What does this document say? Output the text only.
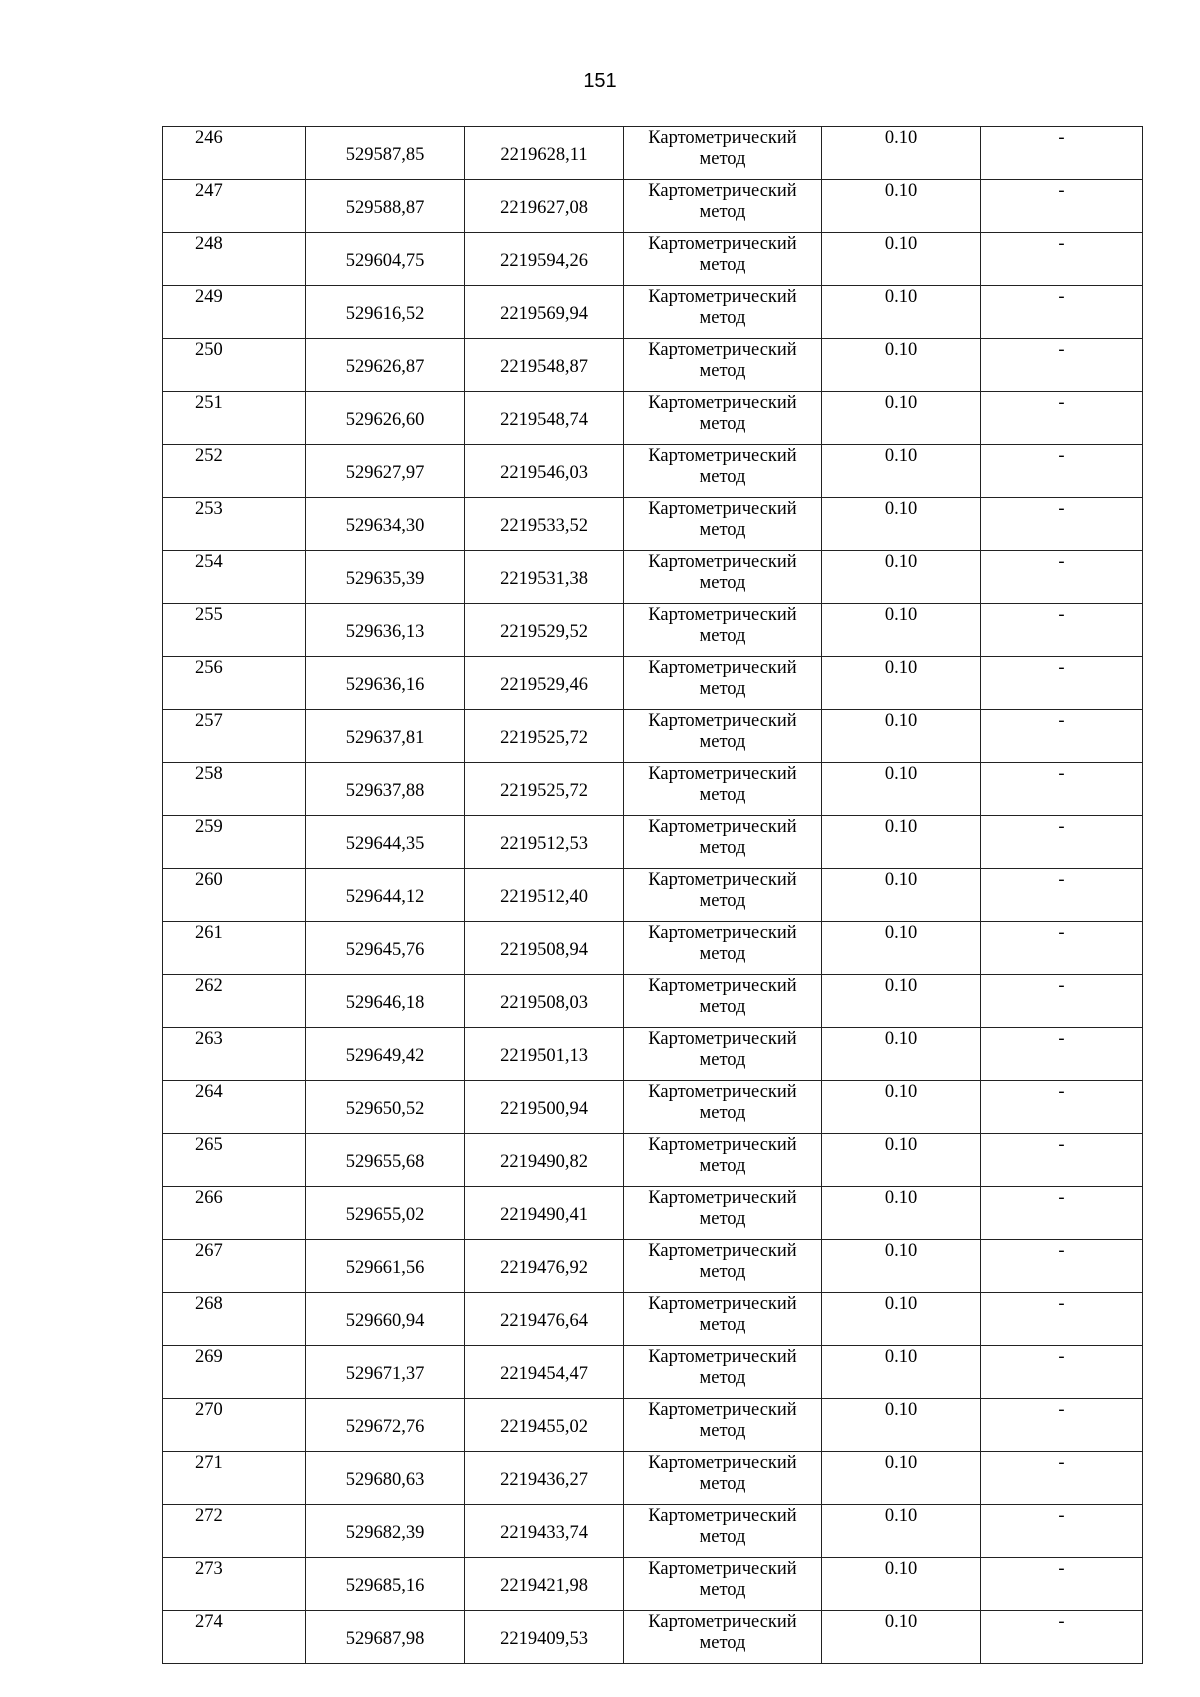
151
246	529587,85	2219628,11	Картометрический метод	0.10	-
247	529588,87	2219627,08	Картометрический метод	0.10	-
248	529604,75	2219594,26	Картометрический метод	0.10	-
249	529616,52	2219569,94	Картометрический метод	0.10	-
250	529626,87	2219548,87	Картометрический метод	0.10	-
251	529626,60	2219548,74	Картометрический метод	0.10	-
252	529627,97	2219546,03	Картометрический метод	0.10	-
253	529634,30	2219533,52	Картометрический метод	0.10	-
254	529635,39	2219531,38	Картометрический метод	0.10	-
255	529636,13	2219529,52	Картометрический метод	0.10	-
256	529636,16	2219529,46	Картометрический метод	0.10	-
257	529637,81	2219525,72	Картометрический метод	0.10	-
258	529637,88	2219525,72	Картометрический метод	0.10	-
259	529644,35	2219512,53	Картометрический метод	0.10	-
260	529644,12	2219512,40	Картометрический метод	0.10	-
261	529645,76	2219508,94	Картометрический метод	0.10	-
262	529646,18	2219508,03	Картометрический метод	0.10	-
263	529649,42	2219501,13	Картометрический метод	0.10	-
264	529650,52	2219500,94	Картометрический метод	0.10	-
265	529655,68	2219490,82	Картометрический метод	0.10	-
266	529655,02	2219490,41	Картометрический метод	0.10	-
267	529661,56	2219476,92	Картометрический метод	0.10	-
268	529660,94	2219476,64	Картометрический метод	0.10	-
269	529671,37	2219454,47	Картометрический метод	0.10	-
270	529672,76	2219455,02	Картометрический метод	0.10	-
271	529680,63	2219436,27	Картометрический метод	0.10	-
272	529682,39	2219433,74	Картометрический метод	0.10	-
273	529685,16	2219421,98	Картометрический метод	0.10	-
274	529687,98	2219409,53	Картометрический метод	0.10	-
